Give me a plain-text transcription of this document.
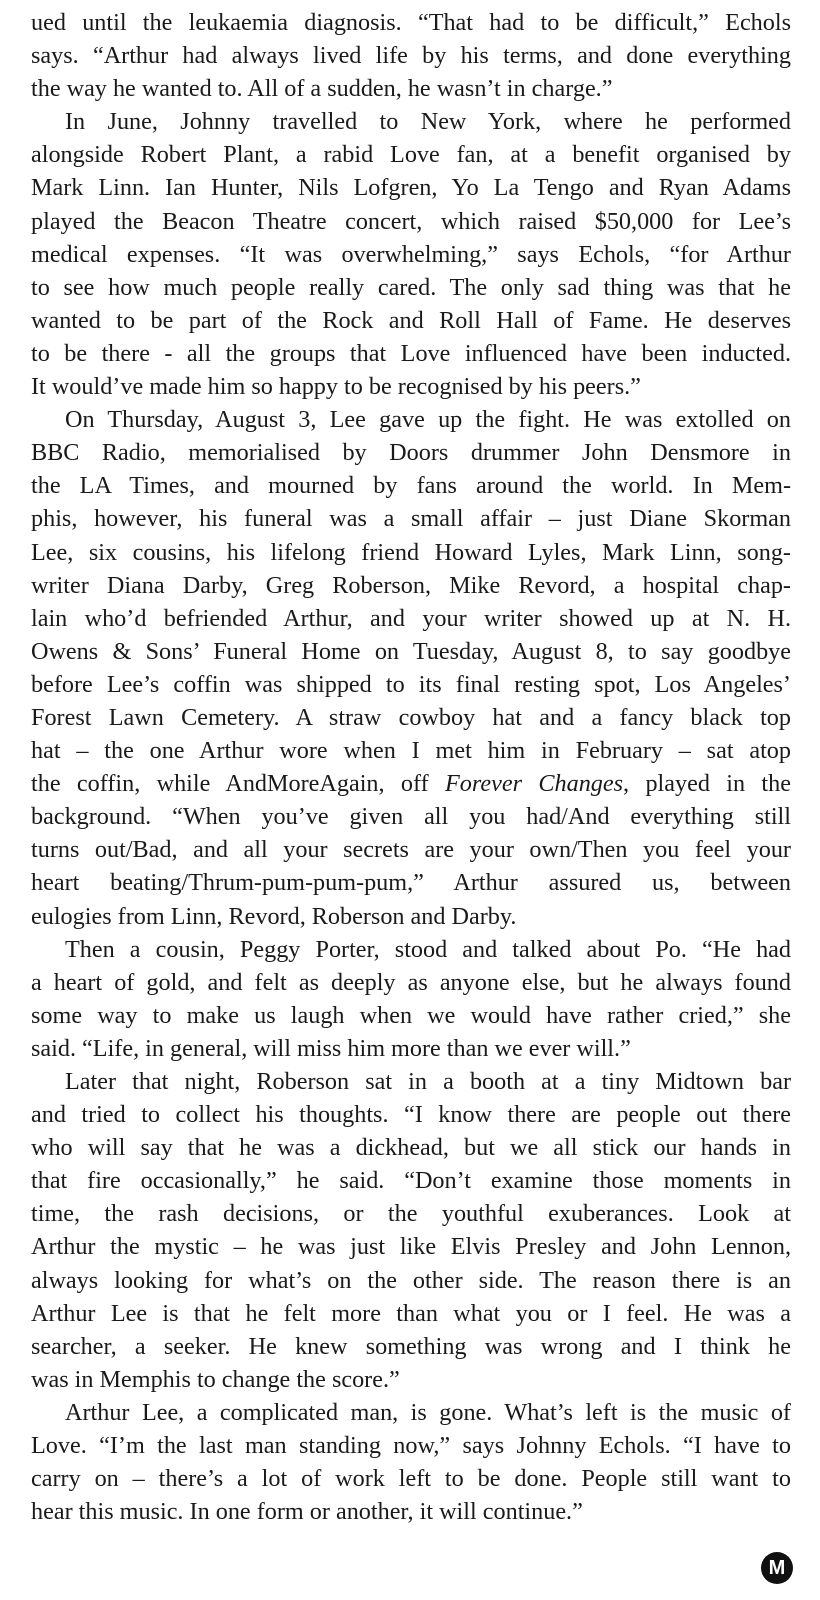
ued until the leukaemia diagnosis. “That had to be difficult,” Echols
says. “Arthur had always lived life by his terms, and done everything
the way he wanted to. All of a sudden, he wasn’t in charge.”

In June, Johnny travelled to New York, where he performed
alongside Robert Plant, a rabid Love fan, at a benefit organised by
Mark Linn. Ian Hunter, Nils Lofgren, Yo La Tengo and Ryan Adams
played the Beacon Theatre concert, which raised $50,000 for Lee’s
medical expenses. “It was overwhelming,” says Echols, “for Arthur
to see how much people really cared. The only sad thing was that he
wanted to be part of the Rock and Roll Hall of Fame. He deserves
to be there - all the groups that Love influenced have been inducted.
It would’ve made him so happy to be recognised by his peers.”

On Thursday, August 3, Lee gave up the fight. He was extolled on
BBC Radio, memorialised by Doors drummer John Densmore in
the LA Times, and mourned by fans around the world. In Mem-
phis, however, his funeral was a small affair – just Diane Skorman
Lee, six cousins, his lifelong friend Howard Lyles, Mark Linn, song-
writer Diana Darby, Greg Roberson, Mike Revord, a hospital chap-
lain who’d befriended Arthur, and your writer showed up at N. H.
Owens & Sons’ Funeral Home on Tuesday, August 8, to say goodbye
before Lee’s coffin was shipped to its final resting spot, Los Angeles’
Forest Lawn Cemetery. A straw cowboy hat and a fancy black top
hat – the one Arthur wore when I met him in February – sat atop
the coffin, while AndMoreAgain, off Forever Changes, played in the
background. “When you’ve given all you had/And everything still
turns out/Bad, and all your secrets are your own/Then you feel your
heart beating/Thrum-pum-pum-pum,” Arthur assured us, between
eulogies from Linn, Revord, Roberson and Darby.

Then a cousin, Peggy Porter, stood and talked about Po. “He had
a heart of gold, and felt as deeply as anyone else, but he always found
some way to make us laugh when we would have rather cried,” she
said. “Life, in general, will miss him more than we ever will.”

Later that night, Roberson sat in a booth at a tiny Midtown bar
and tried to collect his thoughts. “I know there are people out there
who will say that he was a dickhead, but we all stick our hands in
that fire occasionally,” he said. “Don’t examine those moments in
time, the rash decisions, or the youthful exuberances. Look at
Arthur the mystic – he was just like Elvis Presley and John Lennon,
always looking for what’s on the other side. The reason there is an
Arthur Lee is that he felt more than what you or I feel. He was a
searcher, a seeker. He knew something was wrong and I think he
was in Memphis to change the score.”

Arthur Lee, a complicated man, is gone. What’s left is the music of
Love. “I’m the last man standing now,” says Johnny Echols. “I have to
carry on – there’s a lot of work left to be done. People still want to
hear this music. In one form or another, it will continue.”

M
